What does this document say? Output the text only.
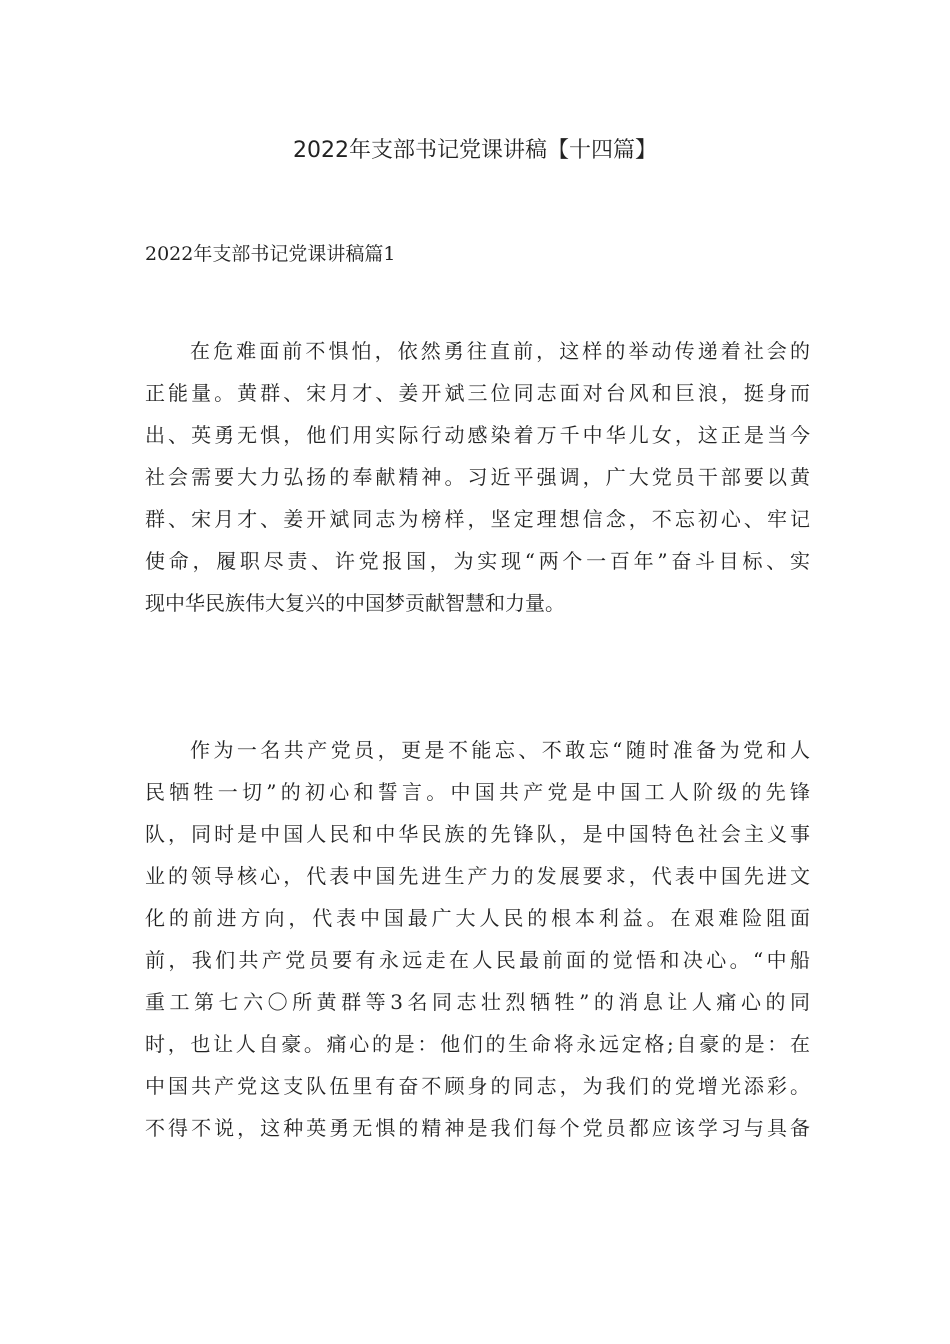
2022年支部书记党课讲稿【十四篇】
2022年支部书记党课讲稿篇1
在危难面前不惧怕，依然勇往直前，这样的举动传递着社会的
正能量。黄群、宋月才、姜开斌三位同志面对台风和巨浪，挺身而
出、英勇无惧，他们用实际行动感染着万千中华儿女，这正是当今
社会需要大力弘扬的奉献精神。习近平强调，广大党员干部要以黄
群、宋月才、姜开斌同志为榜样，坚定理想信念，不忘初心、牢记
使命，履职尽责、许党报国，为实现“两个一百年”奋斗目标、实
现中华民族伟大复兴的中国梦贡献智慧和力量。
作为一名共产党员，更是不能忘、不敢忘“随时准备为党和人
民牺牲一切”的初心和誓言。中国共产党是中国工人阶级的先锋
队，同时是中国人民和中华民族的先锋队，是中国特色社会主义事
业的领导核心，代表中国先进生产力的发展要求，代表中国先进文
化的前进方向，代表中国最广大人民的根本利益。在艰难险阻面
前，我们共产党员要有永远走在人民最前面的觉悟和决心。“中船
重工第七六〇所黄群等3名同志壮烈牺牲”的消息让人痛心的同
时，也让人自豪。痛心的是：他们的生命将永远定格;自豪的是：在
中国共产党这支队伍里有奋不顾身的同志，为我们的党增光添彩。
不得不说，这种英勇无惧的精神是我们每个党员都应该学习与具备
